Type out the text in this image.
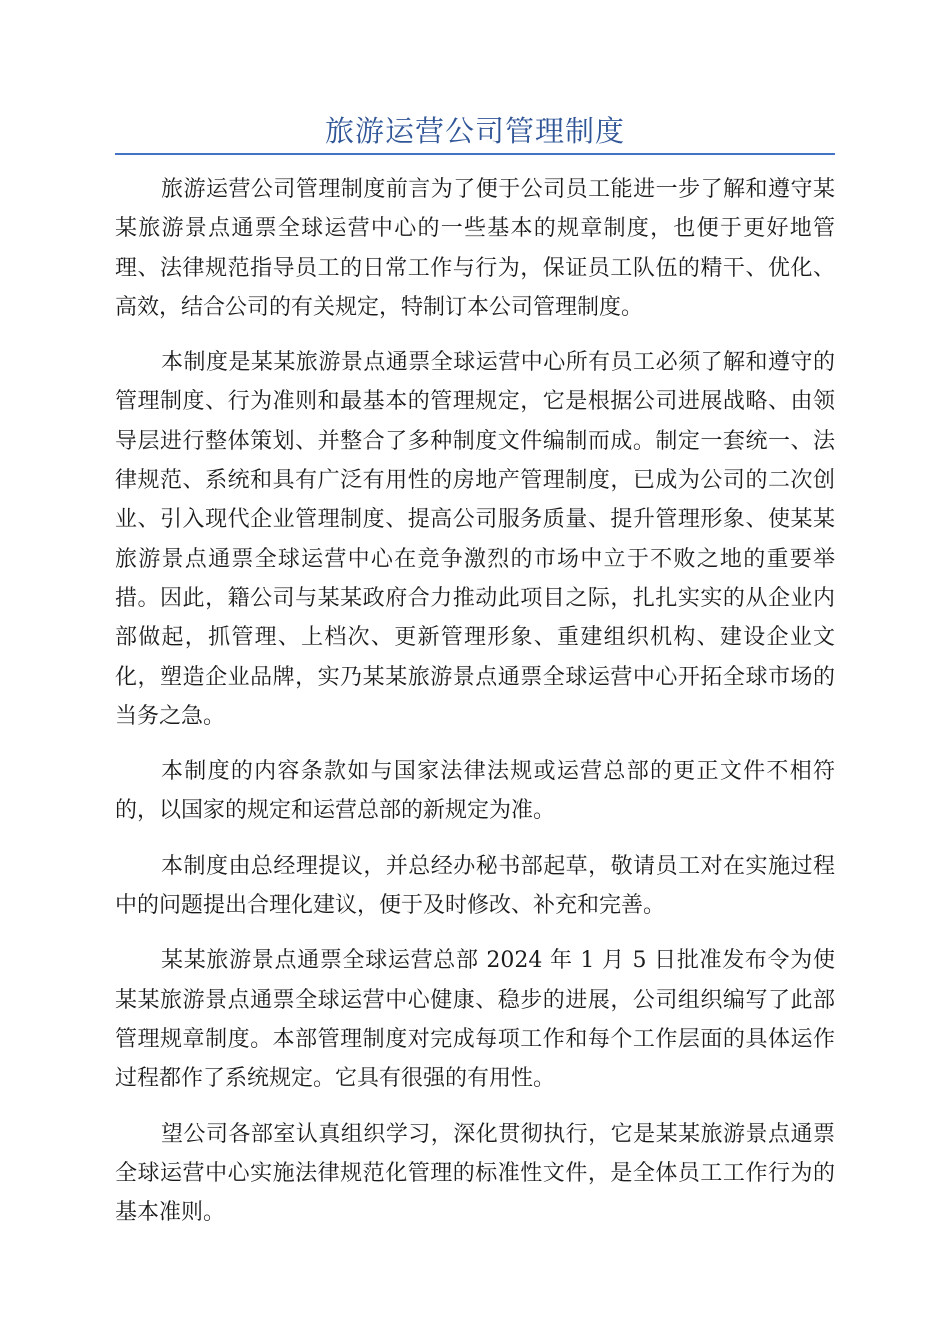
旅游运营公司管理制度

旅游运营公司管理制度前言为了便于公司员工能进一步了解和遵守某某旅游景点通票全球运营中心的一些基本的规章制度，也便于更好地管理、法律规范指导员工的日常工作与行为，保证员工队伍的精干、优化、高效，结合公司的有关规定，特制订本公司管理制度。

本制度是某某旅游景点通票全球运营中心所有员工必须了解和遵守的管理制度、行为准则和最基本的管理规定，它是根据公司进展战略、由领导层进行整体策划、并整合了多种制度文件编制而成。制定一套统一、法律规范、系统和具有广泛有用性的房地产管理制度，已成为公司的二次创业、引入现代企业管理制度、提高公司服务质量、提升管理形象、使某某旅游景点通票全球运营中心在竞争激烈的市场中立于不败之地的重要举措。因此，籍公司与某某政府合力推动此项目之际，扎扎实实的从企业内部做起，抓管理、上档次、更新管理形象、重建组织机构、建设企业文化，塑造企业品牌，实乃某某旅游景点通票全球运营中心开拓全球市场的当务之急。

本制度的内容条款如与国家法律法规或运营总部的更正文件不相符的，以国家的规定和运营总部的新规定为准。

本制度由总经理提议，并总经办秘书部起草，敬请员工对在实施过程中的问题提出合理化建议，便于及时修改、补充和完善。

某某旅游景点通票全球运营总部 2024 年 1 月 5 日批准发布令为使某某旅游景点通票全球运营中心健康、稳步的进展，公司组织编写了此部管理规章制度。本部管理制度对完成每项工作和每个工作层面的具体运作过程都作了系统规定。它具有很强的有用性。

望公司各部室认真组织学习，深化贯彻执行，它是某某旅游景点通票全球运营中心实施法律规范化管理的标准性文件，是全体员工工作行为的基本准则。
